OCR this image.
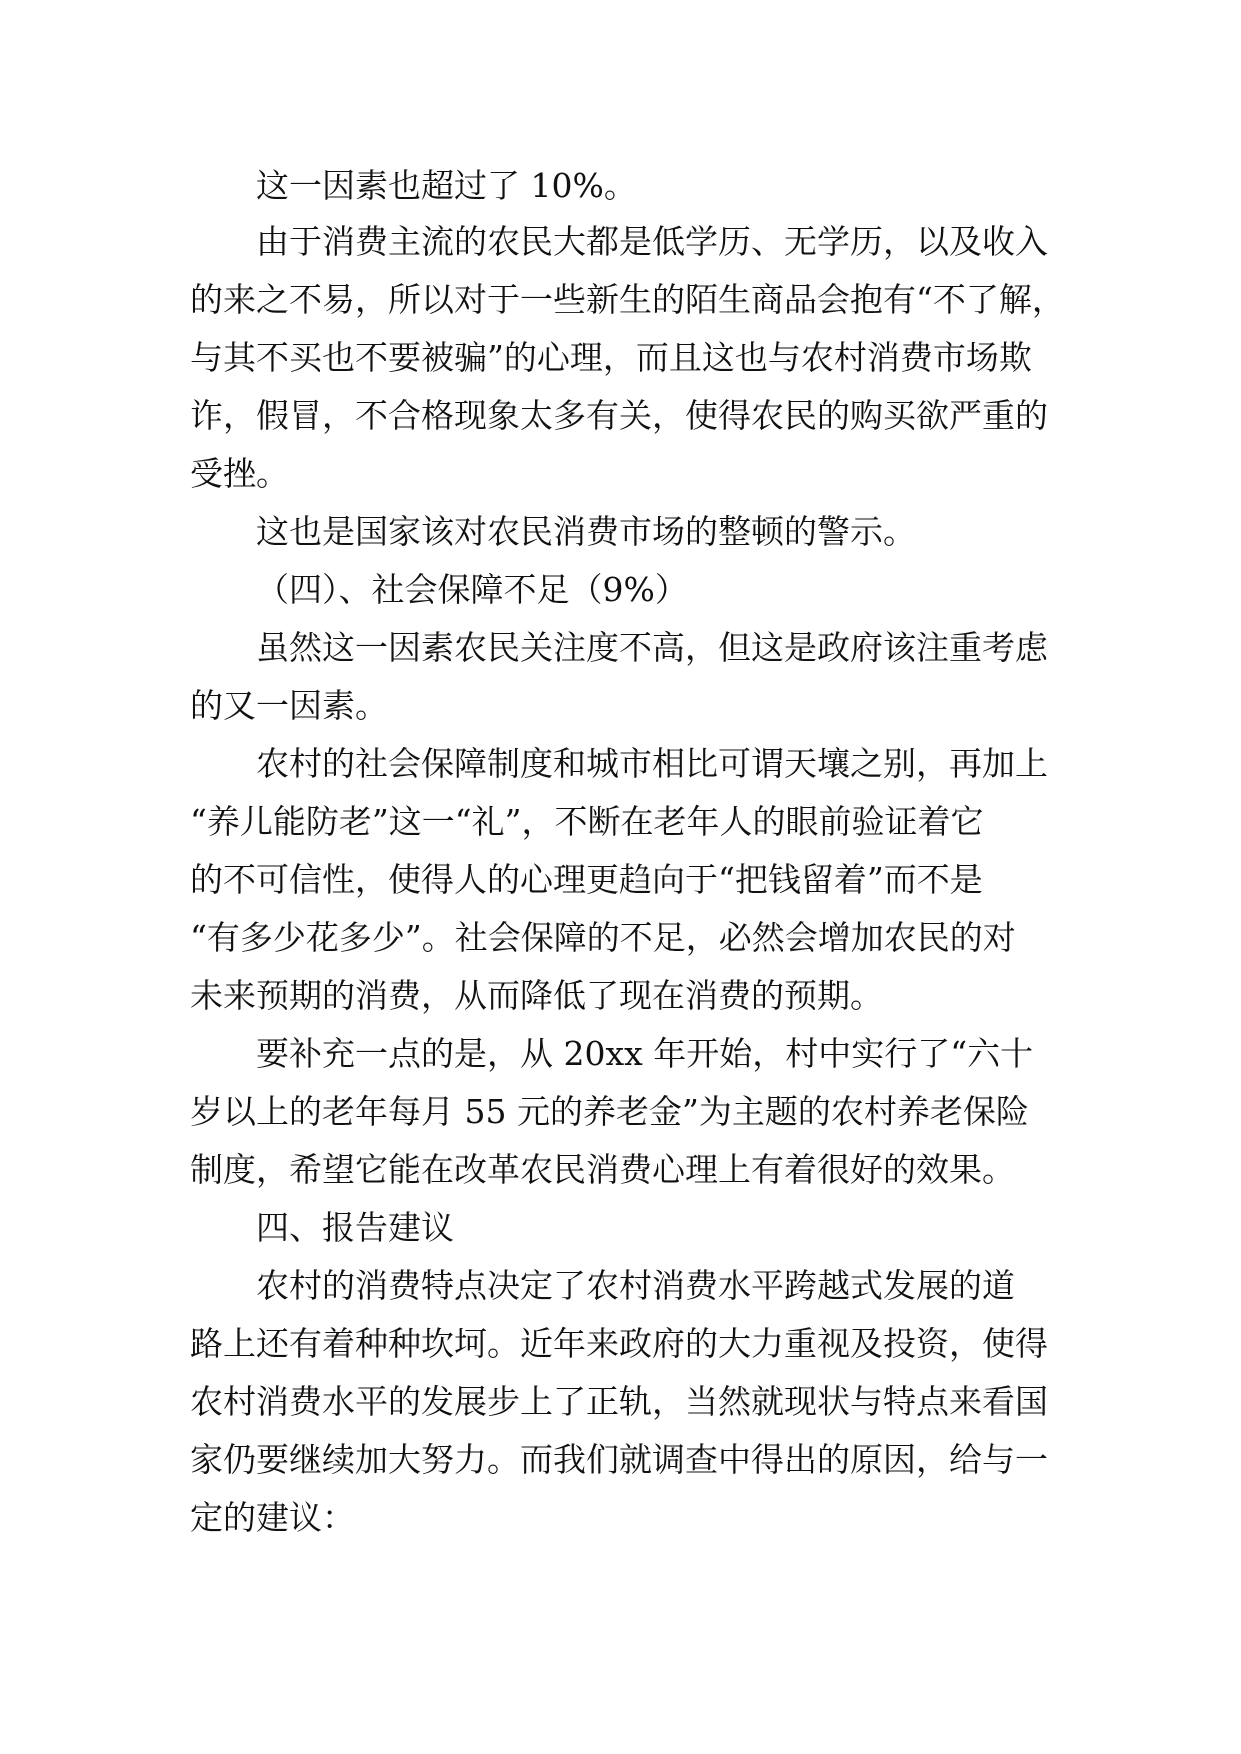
这一因素也超过了 10%。

由于消费主流的农民大都是低学历、无学历，以及收入

的来之不易，所以对于一些新生的陌生商品会抱有“不了解，

与其不买也不要被骗”的心理，而且这也与农村消费市场欺

诈，假冒，不合格现象太多有关，使得农民的购买欲严重的

受挫。

这也是国家该对农民消费市场的整顿的警示。

（四）、社会保障不足（9%）

虽然这一因素农民关注度不高，但这是政府该注重考虑

的又一因素。

农村的社会保障制度和城市相比可谓天壤之别，再加上

“养儿能防老”这一“礼”，不断在老年人的眼前验证着它

的不可信性，使得人的心理更趋向于“把钱留着”而不是

“有多少花多少”。社会保障的不足，必然会增加农民的对

未来预期的消费，从而降低了现在消费的预期。

要补充一点的是，从 20xx 年开始，村中实行了“六十

岁以上的老年每月 55 元的养老金”为主题的农村养老保险

制度，希望它能在改革农民消费心理上有着很好的效果。

四、报告建议

农村的消费特点决定了农村消费水平跨越式发展的道

路上还有着种种坎坷。近年来政府的大力重视及投资，使得

农村消费水平的发展步上了正轨，当然就现状与特点来看国

家仍要继续加大努力。而我们就调查中得出的原因，给与一

定的建议：
